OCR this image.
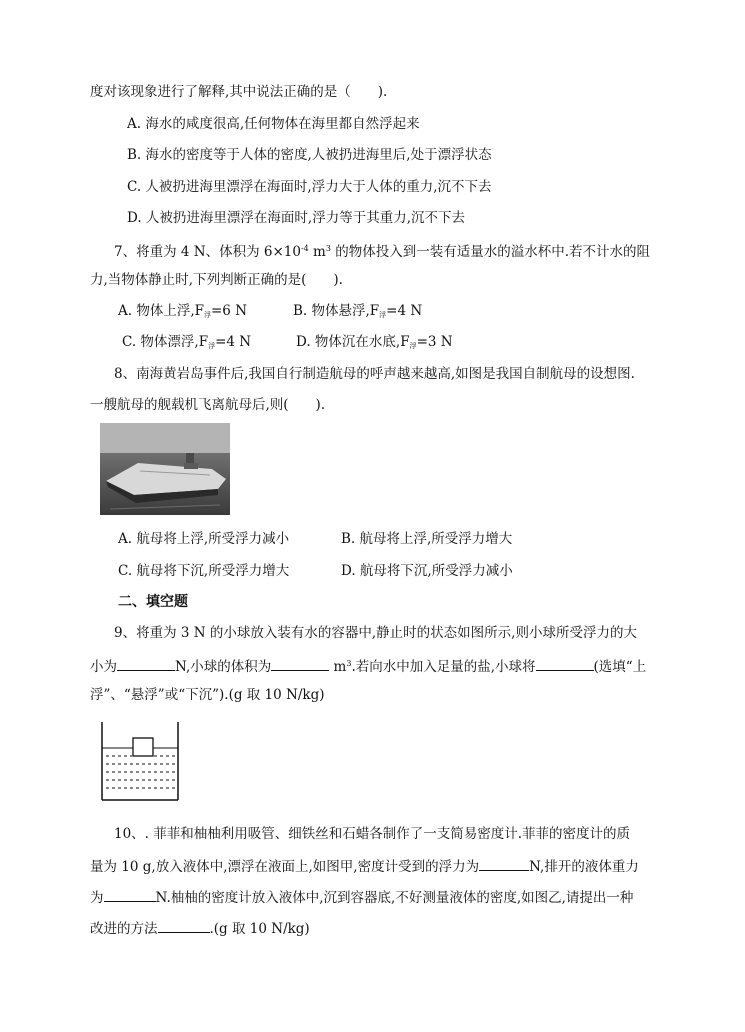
度对该现象进行了解释,其中说法正确的是（　　).
A. 海水的咸度很高,任何物体在海里都自然浮起来
B. 海水的密度等于人体的密度,人被扔进海里后,处于漂浮状态
C. 人被扔进海里漂浮在海面时,浮力大于人体的重力,沉不下去
D. 人被扔进海里漂浮在海面时,浮力等于其重力,沉不下去
7、将重为 4 N、体积为 $6\times 10^{-4}$ $m^3$ 的物体投入到一装有适量水的溢水杯中.若不计水的阻
力,当物体静止时,下列判断正确的是(　　).
A. 物体上浮$,F_浮=6$ N	B. 物体悬浮$,F_浮=4$ N
C. 物体漂浮$,F_浮=4$ N	D. 物体沉在水底$,F_浮=3$ N
8、南海黄岩岛事件后,我国自行制造航母的呼声越来越高,如图是我国自制航母的设想图.
一艘航母的舰载机飞离航母后,则(　　).
A. 航母将上浮,所受浮力减小	B. 航母将上浮,所受浮力增大
C. 航母将下沉,所受浮力增大	D. 航母将下沉,所受浮力减小
二、填空题
9、将重为 3 N 的小球放入装有水的容器中,静止时的状态如图所示,则小球所受浮力的大
小为	N,小球的体积为	$m^3$.若向水中加入足量的盐,小球将	(选填“上
浮”、“悬浮”或“下沉”).(g 取 10 N/kg)
10、. 菲菲和柚柚利用吸管、细铁丝和石蜡各制作了一支简易密度计.菲菲的密度计的质
量为 10 g,放入液体中,漂浮在液面上,如图甲,密度计受到的浮力为	N,排开的液体重力
为	N.柚柚的密度计放入液体中,沉到容器底,不好测量液体的密度,如图乙,请提出一种
改进的方法	.(g 取 10 N/kg)
